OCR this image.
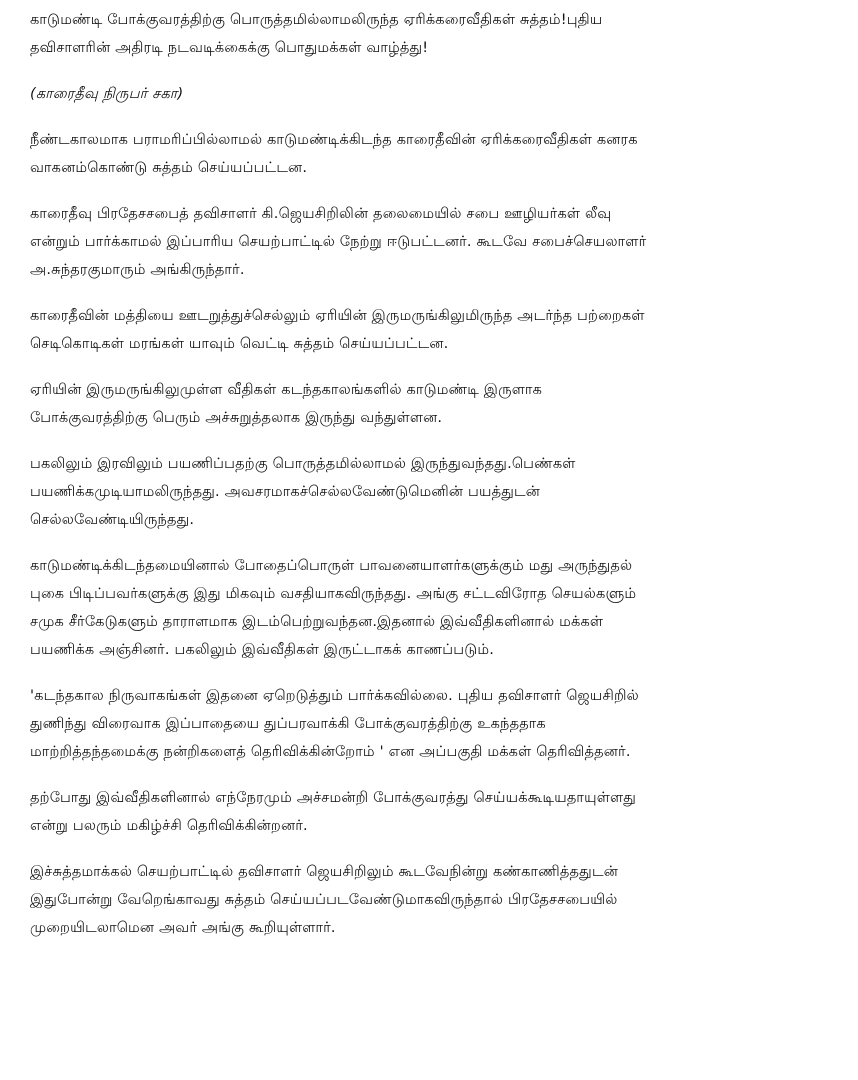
காடுமண்டி போக்குவரத்திற்கு பொருத்தமில்லாமலிருந்த ஏரிக்கரைவீதிகள் சுத்தம்!புதிய
தவிசாளரின் அதிரடி நடவடிக்கைக்கு பொதுமக்கள் வாழ்த்து!

(காரைதீவு நிருபர் சகா)

நீண்டகாலமாக பராமரிப்பில்லாமல் காடுமண்டிக்கிடந்த காரைதீவின் ஏரிக்கரைவீதிகள் கனரக
வாகனம்கொண்டு சுத்தம் செய்யப்பட்டன.

காரைதீவு பிரதேசசபைத் தவிசாளர் கி.ஜெயசிறிலின் தலைமையில் சபை ஊழியர்கள் லீவு
என்றும் பார்க்காமல் இப்பாரிய செயற்பாட்டில் நேற்று ஈடுபட்டனர். கூடவே சபைச்செயலாளர்
அ.சுந்தரகுமாரும் அங்கிருந்தார்.

காரைதீவின் மத்தியை ஊடறுத்துச்செல்லும் ஏரியின் இருமருங்கிலுமிருந்த அடர்ந்த பற்றைகள்
செடிகொடிகள் மரங்கள் யாவும் வெட்டி சுத்தம் செய்யப்பட்டன.

ஏரியின் இருமருங்கிலுமுள்ள வீதிகள் கடந்தகாலங்களில் காடுமண்டி இருளாக
போக்குவரத்திற்கு பெரும் அச்சுறுத்தலாக இருந்து வந்துள்ளன.

பகலிலும் இரவிலும் பயணிப்பதற்கு பொருத்தமில்லாமல் இருந்துவந்தது.பெண்கள்
பயணிக்கமுடியாமலிருந்தது. அவசரமாகச்செல்லவேண்டுமெனின் பயத்துடன்
செல்லவேண்டியிருந்தது.

காடுமண்டிக்கிடந்தமையினால் போதைப்பொருள் பாவனையாளர்களுக்கும் மது அருந்துதல்
புகை பிடிப்பவர்களுக்கு இது மிகவும் வசதியாகவிருந்தது. அங்கு சட்டவிரோத செயல்களும்
சமுக சீர்கேடுகளும் தாராளமாக இடம்பெற்றுவந்தன.இதனால் இவ்வீதிகளினால் மக்கள்
பயணிக்க அஞ்சினர். பகலிலும் இவ்வீதிகள் இருட்டாகக் காணப்படும்.

'கடந்தகால நிருவாகங்கள் இதனை ஏறெடுத்தும் பார்க்கவில்லை. புதிய தவிசாளர் ஜெயசிறில்
துணிந்து விரைவாக இப்பாதையை துப்பரவாக்கி போக்குவரத்திற்கு உகந்ததாக
மாற்றித்தந்தமைக்கு நன்றிகளைத் தெரிவிக்கின்றோம் ' என அப்பகுதி மக்கள் தெரிவித்தனர்.

தற்போது இவ்வீதிகளினால் எந்நேரமும் அச்சமன்றி போக்குவரத்து செய்யக்கூடியதாயுள்ளது
என்று பலரும் மகிழ்ச்சி தெரிவிக்கின்றனர்.

இச்சுத்தமாக்கல் செயற்பாட்டில் தவிசாளர் ஜெயசிறிலும் கூடவேநின்று கண்காணித்ததுடன்
இதுபோன்று வேறெங்காவது சுத்தம் செய்யப்படவேண்டுமாகவிருந்தால் பிரதேசசபையில்
முறையிடலாமென அவர் அங்கு கூறியுள்ளார்.
